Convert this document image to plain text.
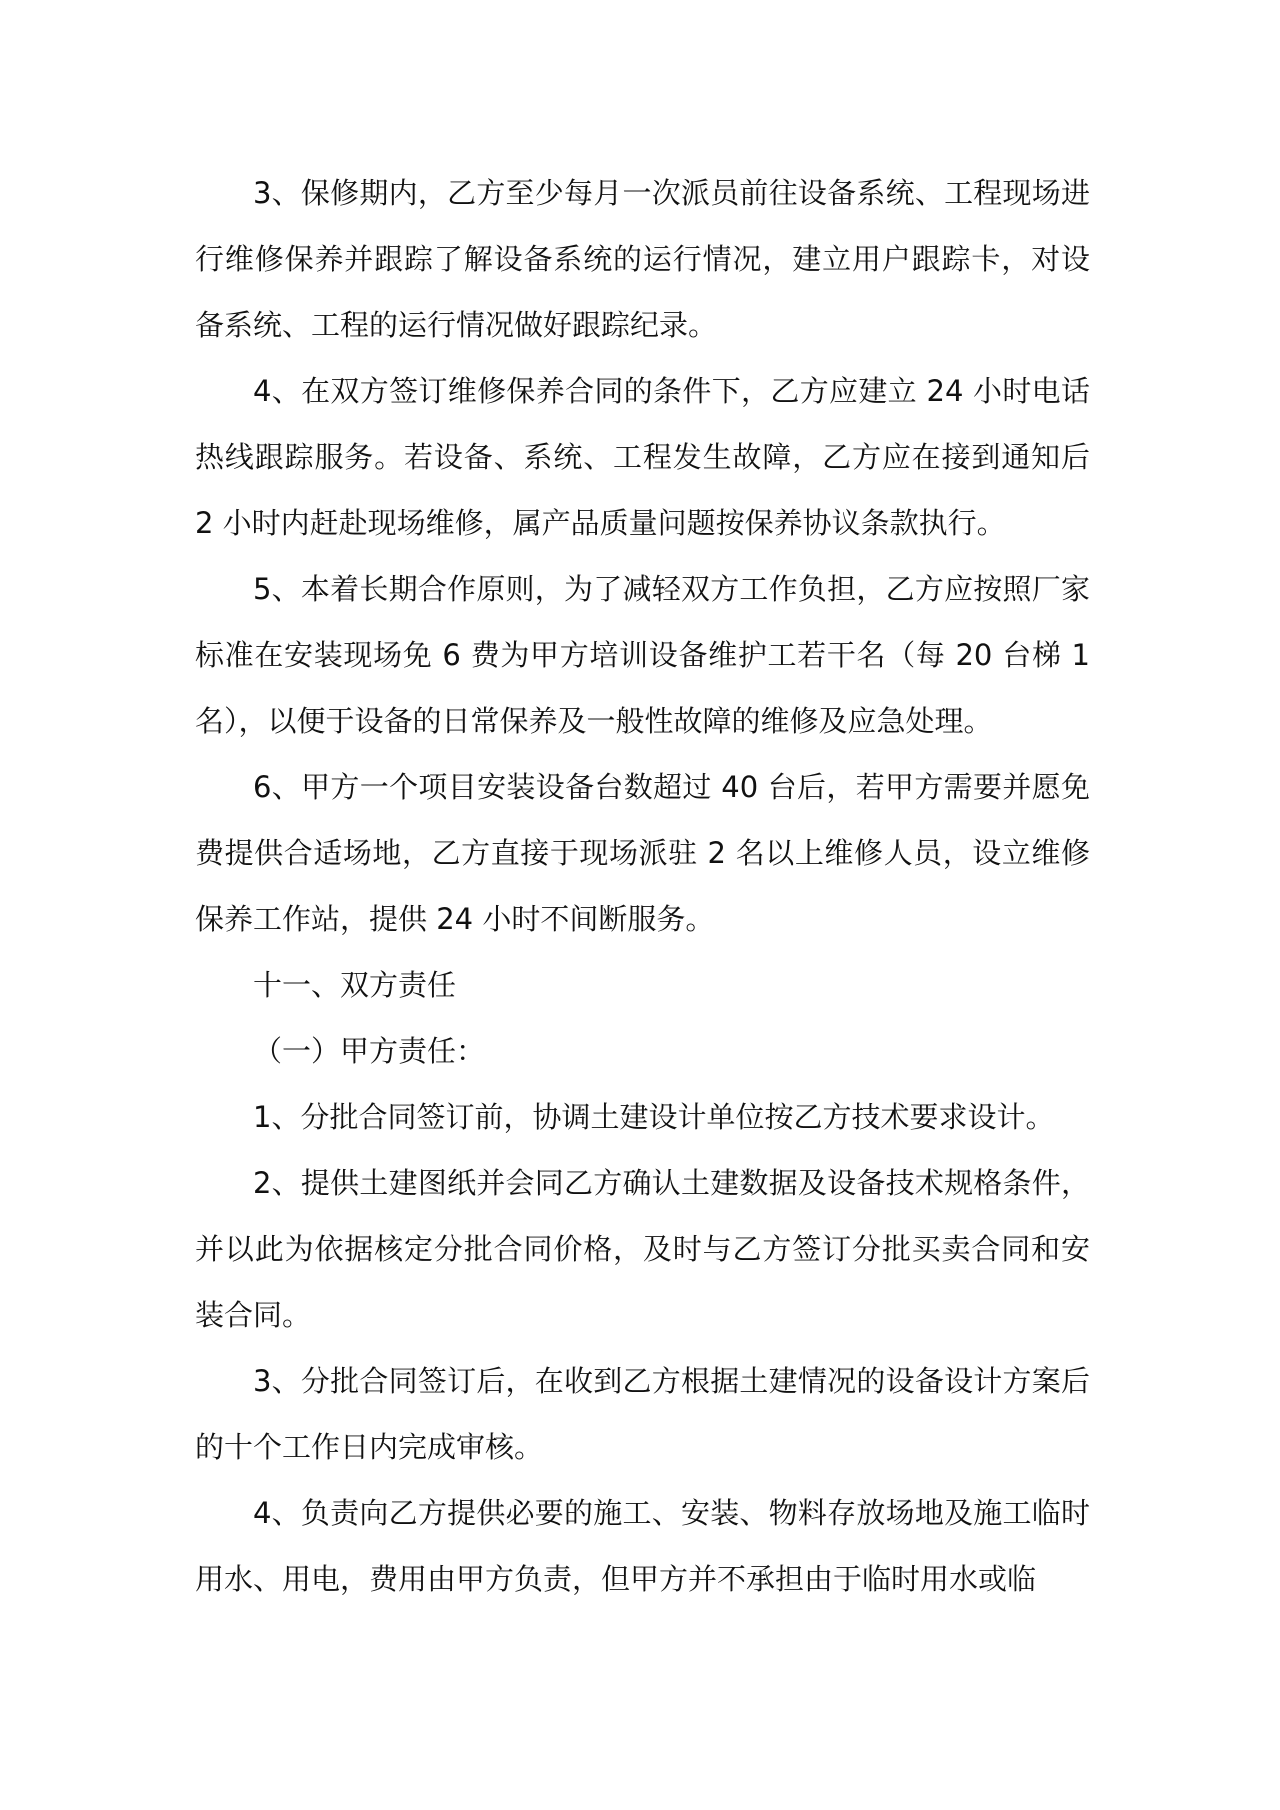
3、保修期内，乙方至少每月一次派员前往设备系统、工程现场进行维修保养并跟踪了解设备系统的运行情况，建立用户跟踪卡，对设备系统、工程的运行情况做好跟踪纪录。

4、在双方签订维修保养合同的条件下，乙方应建立 24 小时电话热线跟踪服务。若设备、系统、工程发生故障，乙方应在接到通知后 2 小时内赶赴现场维修，属产品质量问题按保养协议条款执行。

5、本着长期合作原则，为了减轻双方工作负担，乙方应按照厂家标准在安装现场免 6 费为甲方培训设备维护工若干名（每 20 台梯 1 名），以便于设备的日常保养及一般性故障的维修及应急处理。

6、甲方一个项目安装设备台数超过 40 台后，若甲方需要并愿免费提供合适场地，乙方直接于现场派驻 2 名以上维修人员，设立维修保养工作站，提供 24 小时不间断服务。

十一、双方责任

（一）甲方责任：

1、分批合同签订前，协调土建设计单位按乙方技术要求设计。

2、提供土建图纸并会同乙方确认土建数据及设备技术规格条件，并以此为依据核定分批合同价格，及时与乙方签订分批买卖合同和安装合同。

3、分批合同签订后，在收到乙方根据土建情况的设备设计方案后的十个工作日内完成审核。

4、负责向乙方提供必要的施工、安装、物料存放场地及施工临时用水、用电，费用由甲方负责，但甲方并不承担由于临时用水或临
